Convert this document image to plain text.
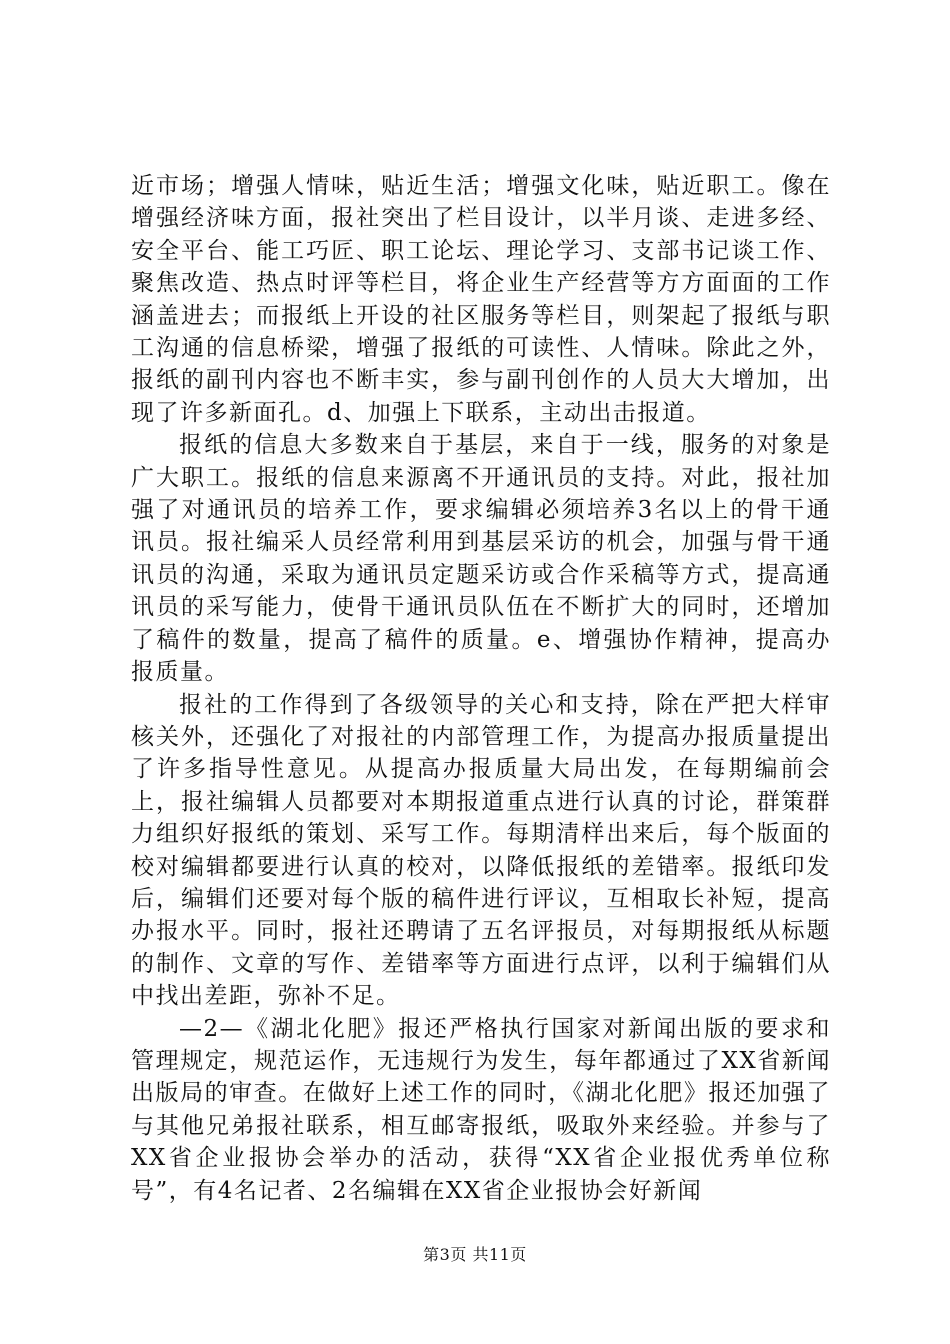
近市场；增强人情味，贴近生活；增强文化味，贴近职工。像在增强经济味方面，报社突出了栏目设计，以半月谈、走进多经、安全平台、能工巧匠、职工论坛、理论学习、支部书记谈工作、聚焦改造、热点时评等栏目，将企业生产经营等方方面面的工作涵盖进去；而报纸上开设的社区服务等栏目，则架起了报纸与职工沟通的信息桥梁，增强了报纸的可读性、人情味。除此之外，报纸的副刊内容也不断丰实，参与副刊创作的人员大大增加，出现了许多新面孔。d、加强上下联系，主动出击报道。

报纸的信息大多数来自于基层，来自于一线，服务的对象是广大职工。报纸的信息来源离不开通讯员的支持。对此，报社加强了对通讯员的培养工作，要求编辑必须培养3名以上的骨干通讯员。报社编采人员经常利用到基层采访的机会，加强与骨干通讯员的沟通，采取为通讯员定题采访或合作采稿等方式，提高通讯员的采写能力，使骨干通讯员队伍在不断扩大的同时，还增加了稿件的数量，提高了稿件的质量。e、增强协作精神，提高办报质量。

报社的工作得到了各级领导的关心和支持，除在严把大样审核关外，还强化了对报社的内部管理工作，为提高办报质量提出了许多指导性意见。从提高办报质量大局出发，在每期编前会上，报社编辑人员都要对本期报道重点进行认真的讨论，群策群力组织好报纸的策划、采写工作。每期清样出来后，每个版面的校对编辑都要进行认真的校对，以降低报纸的差错率。报纸印发后，编辑们还要对每个版的稿件进行评议，互相取长补短，提高办报水平。同时，报社还聘请了五名评报员，对每期报纸从标题的制作、文章的写作、差错率等方面进行点评，以利于编辑们从中找出差距，弥补不足。

—2—《湖北化肥》报还严格执行国家对新闻出版的要求和管理规定，规范运作，无违规行为发生，每年都通过了XX省新闻出版局的审查。在做好上述工作的同时，《湖北化肥》报还加强了与其他兄弟报社联系，相互邮寄报纸，吸取外来经验。并参与了XX省企业报协会举办的活动，获得“XX省企业报优秀单位称号”，有4名记者、2名编辑在XX省企业报协会好新闻

第3页 共11页
